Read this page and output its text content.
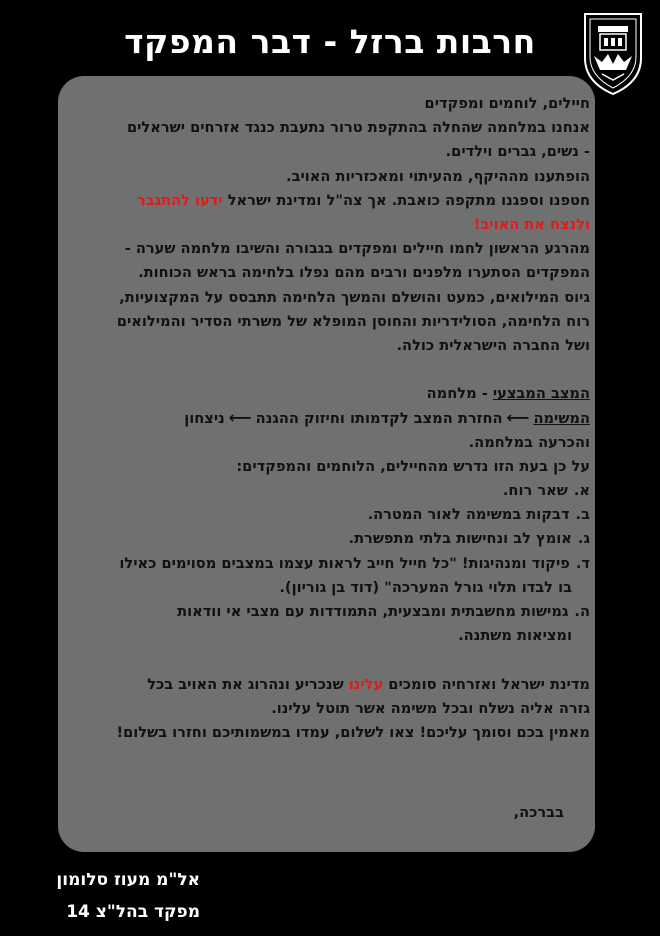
חרבות ברזל - דבר המפקד
חיילים, לוחמים ומפקדים
אנחנו במלחמה שהחלה בהתקפת טרור נתעבת כנגד אזרחים ישראלים
- נשים, גברים וילדים.
הופתענו מההיקף, מהעיתוי ומאכזריות האויב.
חטפנו וספגנו מתקפה כואבת. אך צה"ל ומדינת ישראל ידעו להתגבר
ולנצח את האויב!
מהרגע הראשון לחמו חיילים ומפקדים בגבורה והשיבו מלחמה שערה -
המפקדים הסתערו מלפנים ורבים מהם נפלו בלחימה בראש הכוחות.
גיוס המילואים, כמעט והושלם והמשך הלחימה תתבסס על המקצועיות,
רוח הלחימה, הסולידריות והחוסן המופלא של משרתי הסדיר והמילואים
ושל החברה הישראלית כולה.
המצב המבצעי - מלחמה
המשימה⟵החזרת המצב לקדמותו וחיזוק ההגנה⟵ניצחון
והכרעה במלחמה.
על כן בעת הזו נדרש מהחיילים, הלוחמים והמפקדים:
א.שאר רוח.
ב.דבקות במשימה לאור המטרה.
ג.אומץ לב ונחישות בלתי מתפשרת.
ד.פיקוד ומנהיגות! "כל חייל חייב לראות עצמו במצבים מסוימים כאילו
בו לבדו תלוי גורל המערכה" (דוד בן גוריון).
ה.גמישות מחשבתית ומבצעית, התמודדות עם מצבי אי וודאות
ומציאות משתנה.
מדינת ישראל ואזרחיה סומכים עלינו שנכריע ונהרוג את האויב בכל
גזרה אליה נשלח ובכל משימה אשר תוטל עלינו.
מאמין בכם וסומך עליכם! צאו לשלום, עמדו במשמותיכם וחזרו בשלום!
בברכה,
אל"מ מעוז סלומון
מפקד בהל"צ 14
